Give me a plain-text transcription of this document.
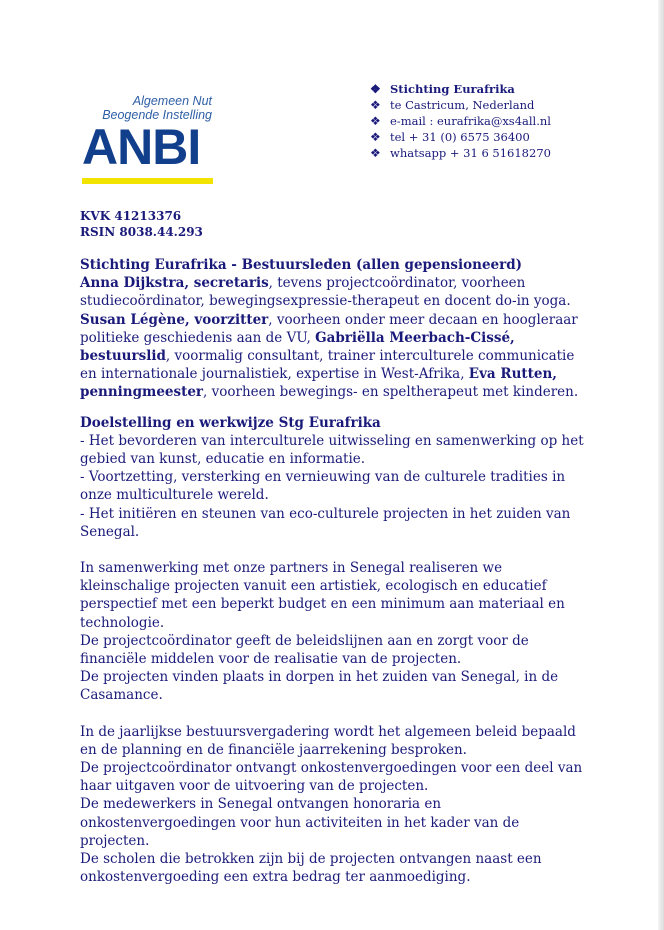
Algemeen Nut
Beogende Instelling
ANBI
❖ Stichting Eurafrika
❖ te Castricum, Nederland
❖ e-mail : eurafrika@xs4all.nl
❖ tel + 31 (0) 6575 36400
❖ whatsapp + 31 6 51618270
KVK 41213376
RSIN 8038.44.293

Stichting Eurafrika - Bestuursleden (allen gepensioneerd)

Anna Dijkstra, secretaris, tevens projectcoördinator, voorheen studiecoördinator, bewegingsexpressie-therapeut en docent do-in yoga.

Susan Légène, voorzitter, voorheen onder meer decaan en hoogleraar politieke geschiedenis aan de VU, Gabriëlla Meerbach-Cissé, bestuurslid, voormalig consultant, trainer interculturele communicatie en internationale journalistiek, expertise in West-Afrika, Eva Rutten, penningmeester, voorheen bewegings- en speltherapeut met kinderen.

Doelstelling en werkwijze Stg Eurafrika

- Het bevorderen van interculturele uitwisseling en samenwerking op het gebied van kunst, educatie en informatie.

- Voortzetting, versterking en vernieuwing van de culturele tradities in onze multiculturele wereld.

- Het initiëren en steunen van eco-culturele projecten in het zuiden van Senegal.

In samenwerking met onze partners in Senegal realiseren we kleinschalige projecten vanuit een artistiek, ecologisch en educatief perspectief met een beperkt budget en een minimum aan materiaal en technologie.

De projectcoördinator geeft de beleidslijnen aan en zorgt voor de financiële middelen voor de realisatie van de projecten.

De projecten vinden plaats in dorpen in het zuiden van Senegal, in de Casamance.

In de jaarlijkse bestuursvergadering wordt het algemeen beleid bepaald en de planning en de financiële jaarrekening besproken.

De projectcoördinator ontvangt onkostenvergoedingen voor een deel van haar uitgaven voor de uitvoering van de projecten.

De medewerkers in Senegal ontvangen honoraria en onkostenvergoedingen voor hun activiteiten in het kader van de projecten.

De scholen die betrokken zijn bij de projecten ontvangen naast een onkostenvergoeding een extra bedrag ter aanmoediging.
